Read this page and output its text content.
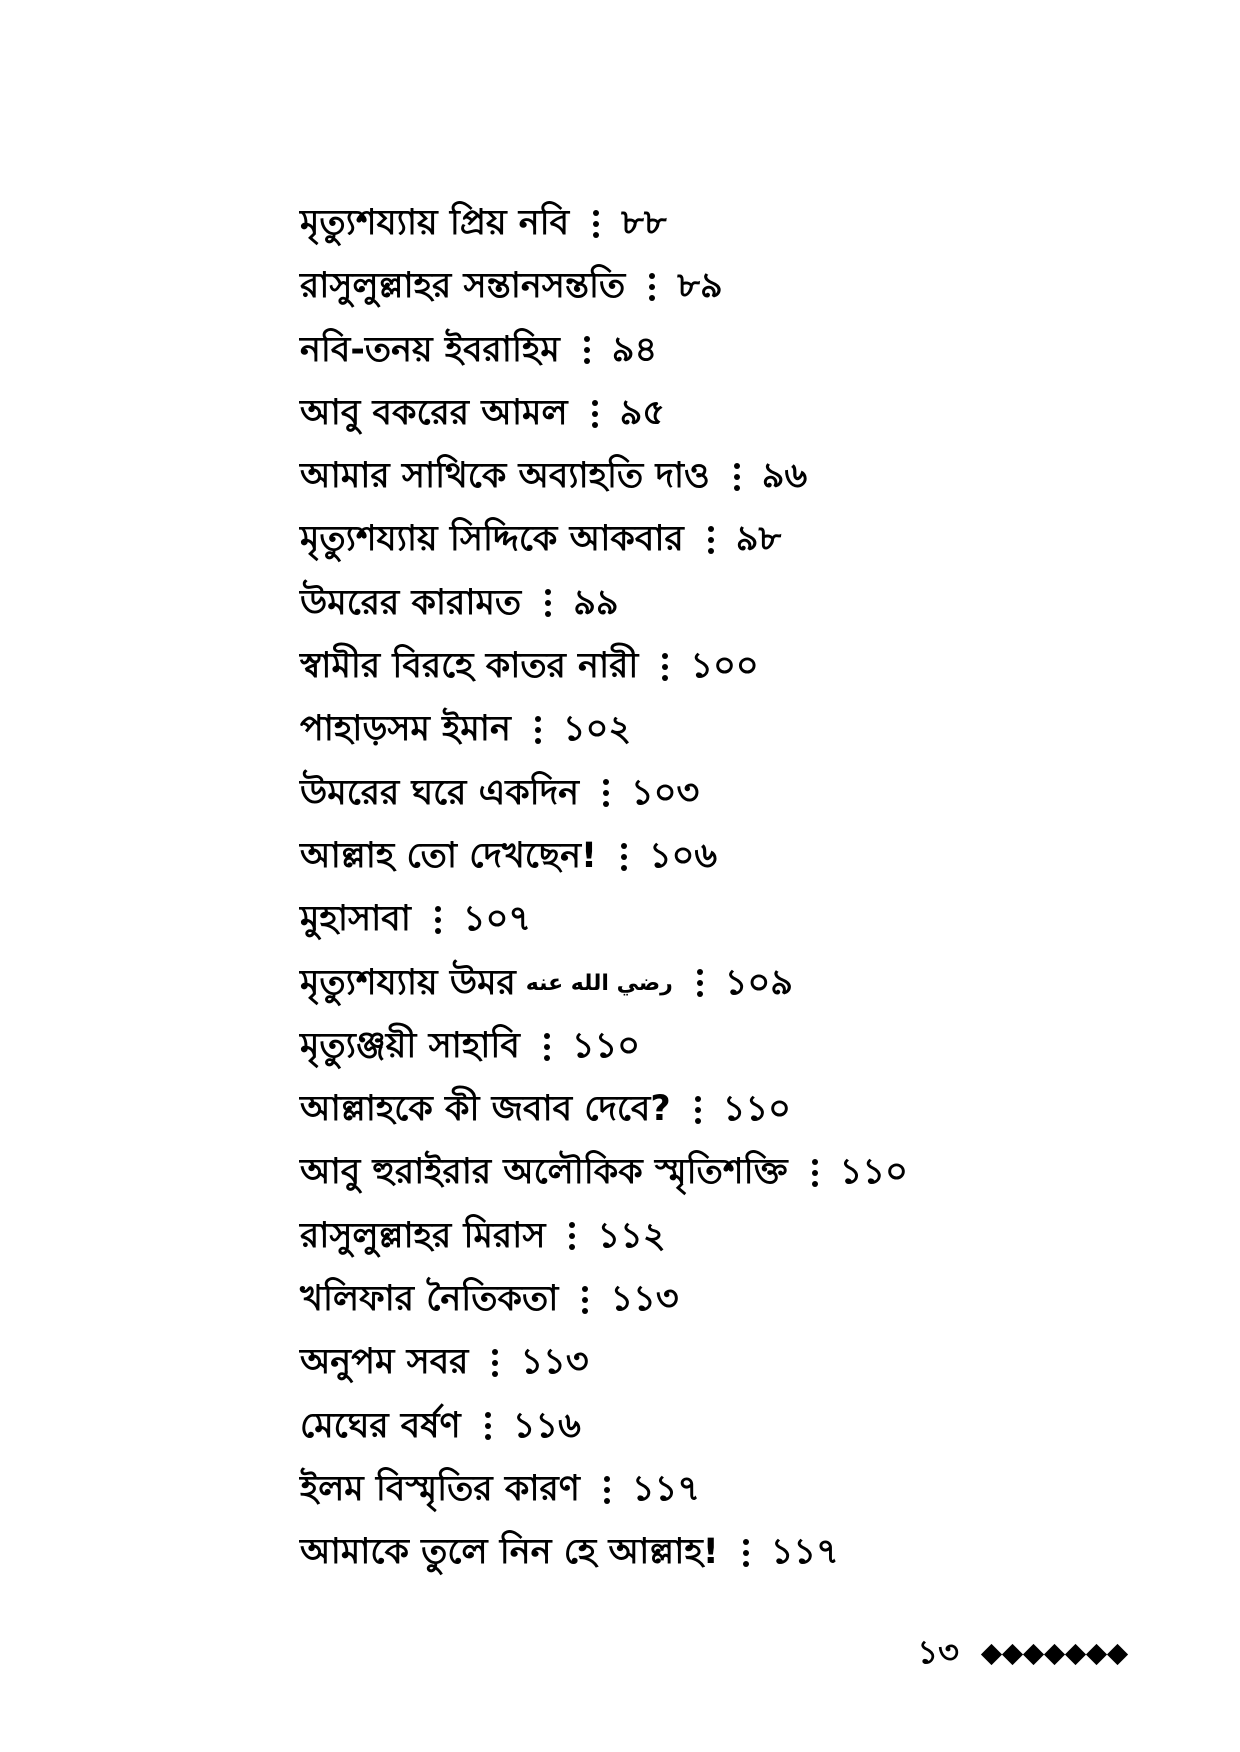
মৃত্যুশয্যায় প্রিয় নবি ৮৮
রাসুলুল্লাহর সন্তানসন্ততি ৮৯
নবি-তনয় ইবরাহিম ৯৪
আবু বকরের আমল ৯৫
আমার সাথিকে অব্যাহতি দাও ৯৬
মৃত্যুশয্যায় সিদ্দিকে আকবার ৯৮
উমরের কারামত ৯৯
স্বামীর বিরহে কাতর নারী ১০০
পাহাড়সম ইমান ১০২
উমরের ঘরে একদিন ১০৩
আল্লাহ তো দেখছেন! ১০৬
মুহাসাবা ১০৭
মৃত্যুশয্যায় উমর رضي الله عنه ১০৯
মৃত্যুঞ্জয়ী সাহাবি ১১০
আল্লাহকে কী জবাব দেবে? ১১০
আবু হুরাইরার অলৌকিক স্মৃতিশক্তি ১১০
রাসুলুল্লাহর মিরাস ১১২
খলিফার নৈতিকতা ১১৩
অনুপম সবর ১১৩
মেঘের বর্ষণ ১১৬
ইলম বিস্মৃতির কারণ ১১৭
আমাকে তুলে নিন হে আল্লাহ! ১১৭
১৩
